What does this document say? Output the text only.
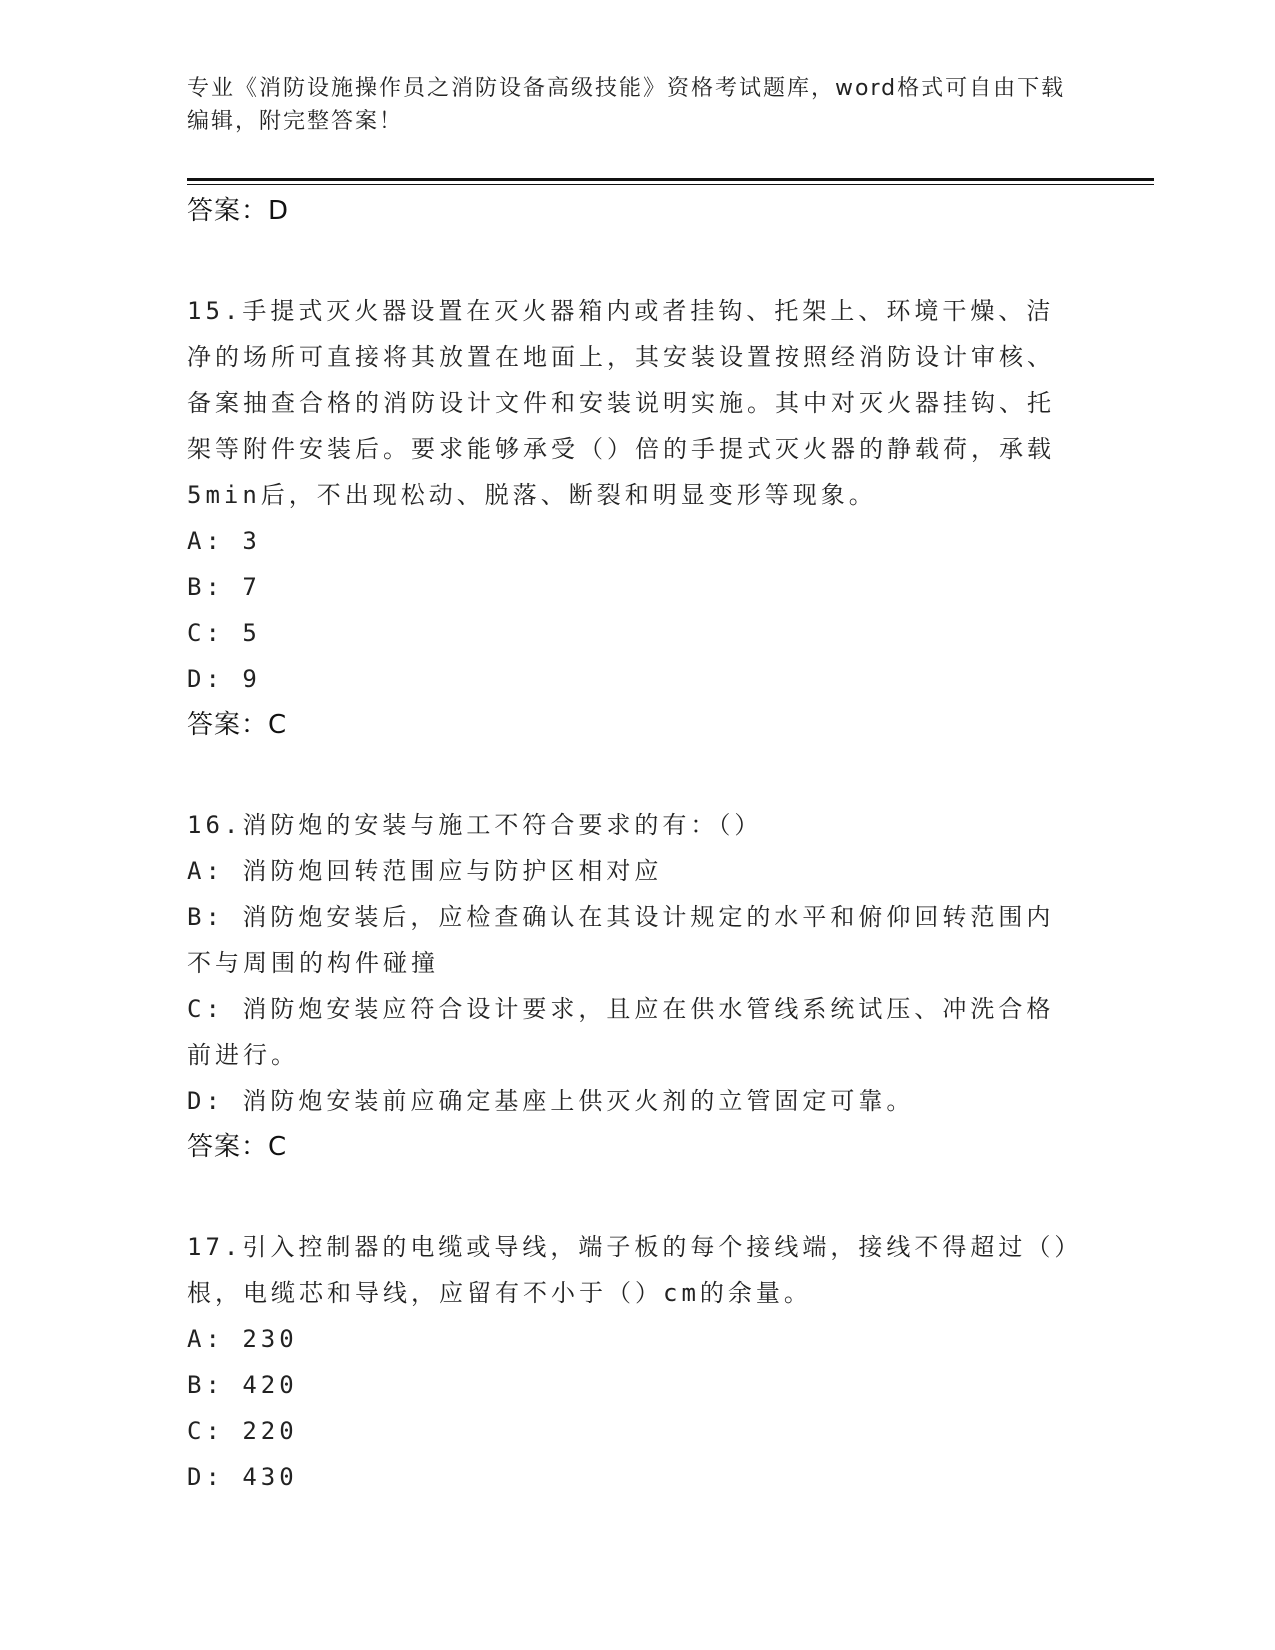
专业《消防设施操作员之消防设备高级技能》资格考试题库，word格式可自由下载编辑，附完整答案！
答案：D
15.手提式灭火器设置在灭火器箱内或者挂钩、托架上、环境干燥、洁净的场所可直接将其放置在地面上，其安装设置按照经消防设计审核、备案抽查合格的消防设计文件和安装说明实施。其中对灭火器挂钩、托架等附件安装后。要求能够承受（）倍的手提式灭火器的静载荷，承载5min后，不出现松动、脱落、断裂和明显变形等现象。
A: 3
B: 7
C: 5
D: 9
答案：C
16.消防炮的安装与施工不符合要求的有：（）
A: 消防炮回转范围应与防护区相对应
B: 消防炮安装后，应检查确认在其设计规定的水平和俯仰回转范围内不与周围的构件碰撞
C: 消防炮安装应符合设计要求，且应在供水管线系统试压、冲洗合格前进行。
D: 消防炮安装前应确定基座上供灭火剂的立管固定可靠。
答案：C
17.引入控制器的电缆或导线，端子板的每个接线端，接线不得超过（）根，电缆芯和导线，应留有不小于（）cm的余量。
A: 230
B: 420
C: 220
D: 430
